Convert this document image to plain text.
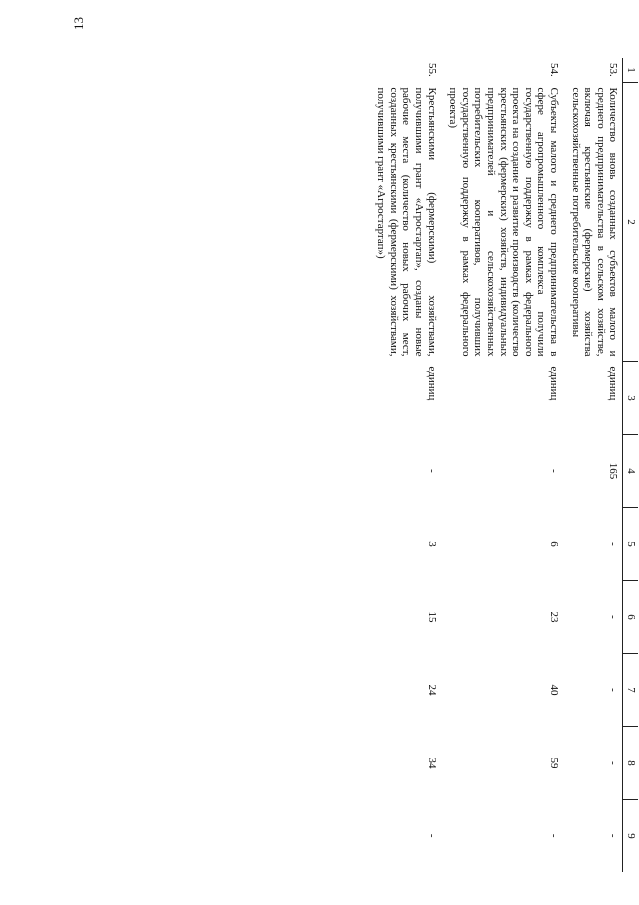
13
1	2	3	4	5	6	7	8	9
53.	Количество вновь созданных субъектов малого и среднего предпринимательства в сельском хозяйстве, включая крестьянские (фермерские) хозяйства сельскохозяйственные потребительские кооперативы	единиц	165	-	-	-	-	-
54.	Субъекты малого и среднего предпринимательства в сфере агропромышленного комплекса получили государственную поддержку в рамках федерального проекта на создание и развитие производств (количество крестьянских (фермерских) хозяйств, индивидуальных предпринимателей и сельскохозяйственных потребительских кооперативов, получивших государственную поддержку в рамках федерального проекта)	единиц	-	6	23	40	59	-
55.	Крестьянскими (фермерскими) хозяйствами, получившими грант «Агростартап», созданы новые рабочие места (количество новых рабочих мест, созданных крестьянскими (фермерскими) хозяйствами, получившими грант «Агростартап»)	единиц	-	3	15	24	34	-
